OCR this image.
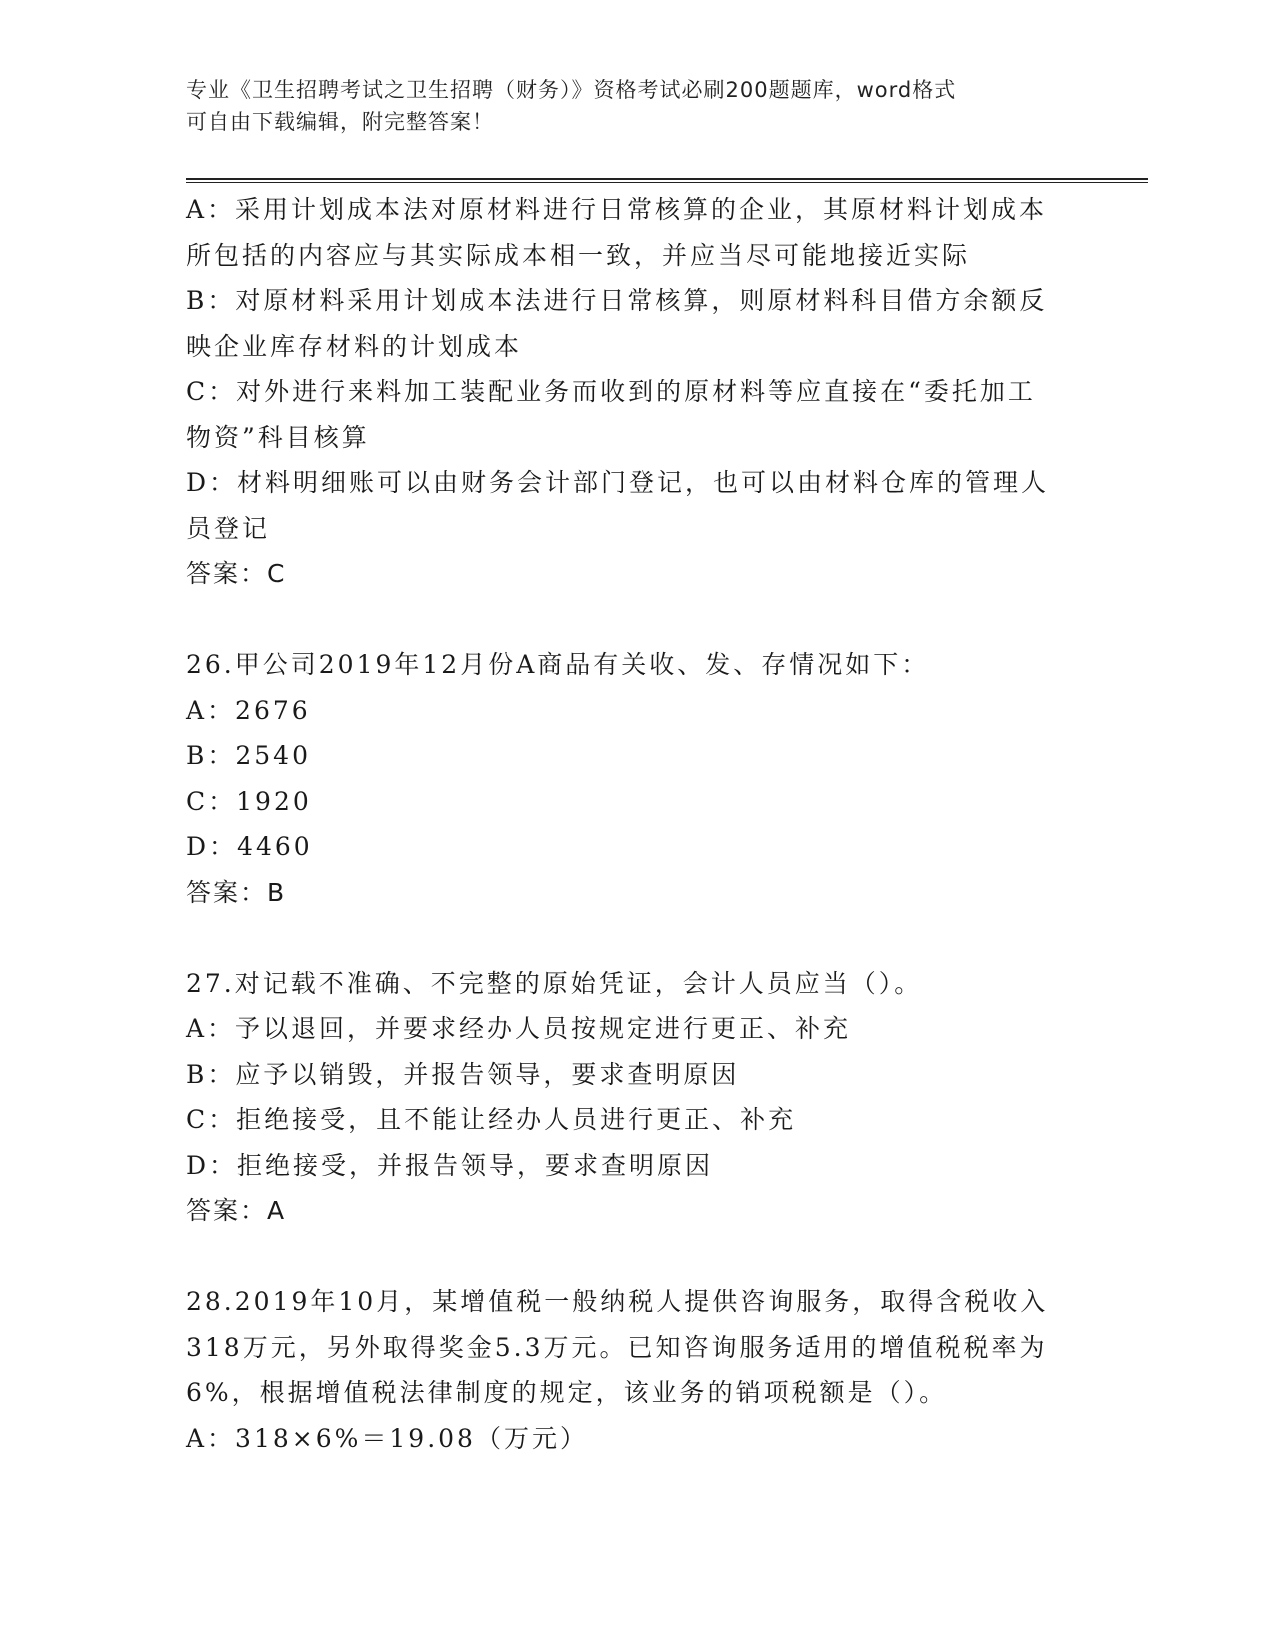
专业《卫生招聘考试之卫生招聘（财务）》资格考试必刷200题题库，word格式
可自由下载编辑，附完整答案！

A：采用计划成本法对原材料进行日常核算的企业，其原材料计划成本

所包括的内容应与其实际成本相一致，并应当尽可能地接近实际

B：对原材料采用计划成本法进行日常核算，则原材料科目借方余额反

映企业库存材料的计划成本

C：对外进行来料加工装配业务而收到的原材料等应直接在“委托加工

物资”科目核算

D：材料明细账可以由财务会计部门登记，也可以由材料仓库的管理人

员登记

答案：C

26.甲公司2019年12月份A商品有关收、发、存情况如下：

A：2676

B：2540

C：1920

D：4460

答案：B

27.对记载不准确、不完整的原始凭证，会计人员应当（）。

A：予以退回，并要求经办人员按规定进行更正、补充

B：应予以销毁，并报告领导，要求查明原因

C：拒绝接受，且不能让经办人员进行更正、补充

D：拒绝接受，并报告领导，要求查明原因

答案：A

28.2019年10月，某增值税一般纳税人提供咨询服务，取得含税收入

318万元，另外取得奖金5.3万元。已知咨询服务适用的增值税税率为

6%，根据增值税法律制度的规定，该业务的销项税额是（）。

A：318×6%＝19.08（万元）
